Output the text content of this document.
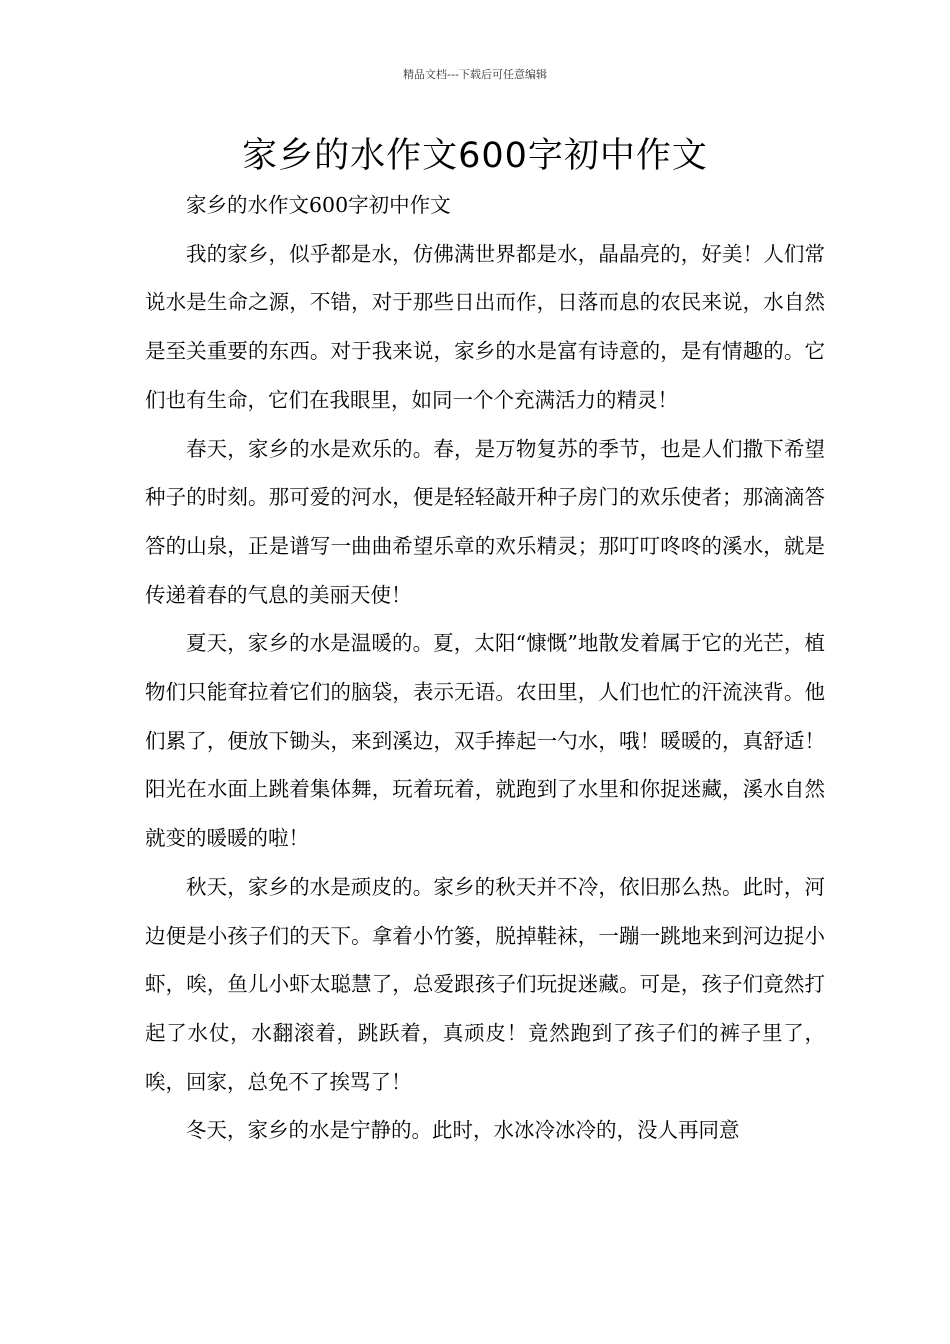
精品文档---下载后可任意编辑
家乡的水作文600字初中作文

家乡的水作文600字初中作文

我的家乡，似乎都是水，仿佛满世界都是水，晶晶亮的，好美！人们常说水是生命之源，不错，对于那些日出而作，日落而息的农民来说，水自然是至关重要的东西。对于我来说，家乡的水是富有诗意的，是有情趣的。它们也有生命，它们在我眼里，如同一个个充满活力的精灵！

春天，家乡的水是欢乐的。春，是万物复苏的季节，也是人们撒下希望种子的时刻。那可爱的河水，便是轻轻敲开种子房门的欢乐使者；那滴滴答答的山泉，正是谱写一曲曲希望乐章的欢乐精灵；那叮叮咚咚的溪水，就是传递着春的气息的美丽天使！

夏天，家乡的水是温暖的。夏，太阳“慷慨”地散发着属于它的光芒，植物们只能耷拉着它们的脑袋，表示无语。农田里，人们也忙的汗流浃背。他们累了，便放下锄头，来到溪边，双手捧起一勺水，哦！暖暖的，真舒适！阳光在水面上跳着集体舞，玩着玩着，就跑到了水里和你捉迷藏，溪水自然就变的暖暖的啦！

秋天，家乡的水是顽皮的。家乡的秋天并不冷，依旧那么热。此时，河边便是小孩子们的天下。拿着小竹篓，脱掉鞋袜，一蹦一跳地来到河边捉小虾，唉，鱼儿小虾太聪慧了，总爱跟孩子们玩捉迷藏。可是，孩子们竟然打起了水仗，水翻滚着，跳跃着，真顽皮！竟然跑到了孩子们的裤子里了，唉，回家，总免不了挨骂了！

冬天，家乡的水是宁静的。此时，水冰冷冰冷的，没人再同意
